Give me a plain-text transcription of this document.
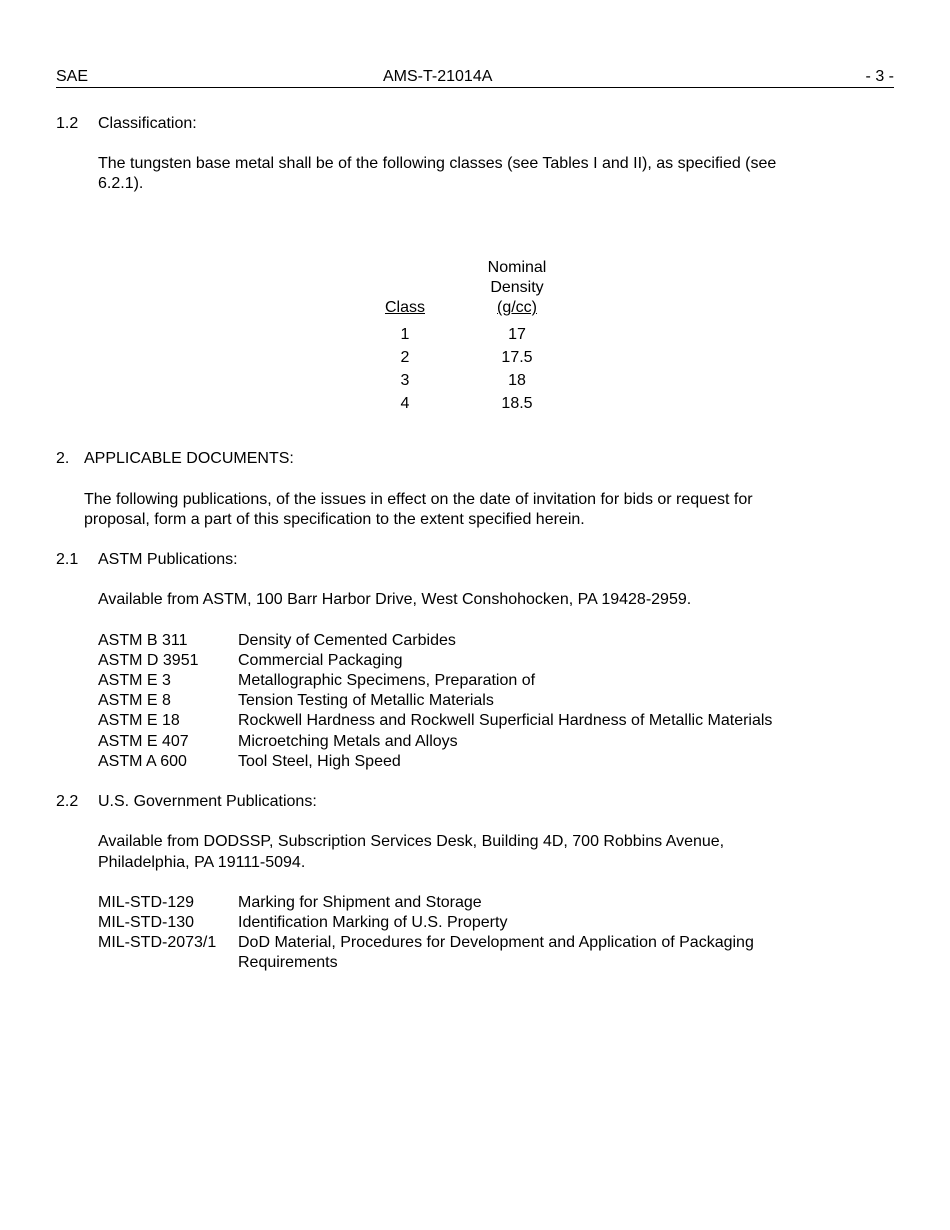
SAE	AMS-T-21014A	- 3 -
1.2 Classification:
The tungsten base metal shall be of the following classes (see Tables I and II), as specified (see
6.2.1).
Nominal
Density
(g/cc)
Class
1	17
2	17.5
3	18
4	18.5
2. APPLICABLE DOCUMENTS:
The following publications, of the issues in effect on the date of invitation for bids or request for
proposal, form a part of this specification to the extent specified herein.
2.1 ASTM Publications:
Available from ASTM, 100 Barr Harbor Drive, West Conshohocken, PA 19428-2959.
ASTM B 311	Density of Cemented Carbides
ASTM D 3951 Commercial Packaging
ASTM E 3	Metallographic Specimens, Preparation of
ASTM E 8	Tension Testing of Metallic Materials
ASTM E 18	Rockwell Hardness and Rockwell Superficial Hardness of Metallic Materials
ASTM E 407	Microetching Metals and Alloys
ASTM A 600	Tool Steel, High Speed
2.2 U.S. Government Publications:
Available from DODSSP, Subscription Services Desk, Building 4D, 700 Robbins Avenue,
Philadelphia, PA 19111-5094.
MIL-STD-129	Marking for Shipment and Storage
MIL-STD-130	Identification Marking of U.S. Property
MIL-STD-2073/1 DoD Material, Procedures for Development and Application of Packaging
Requirements
